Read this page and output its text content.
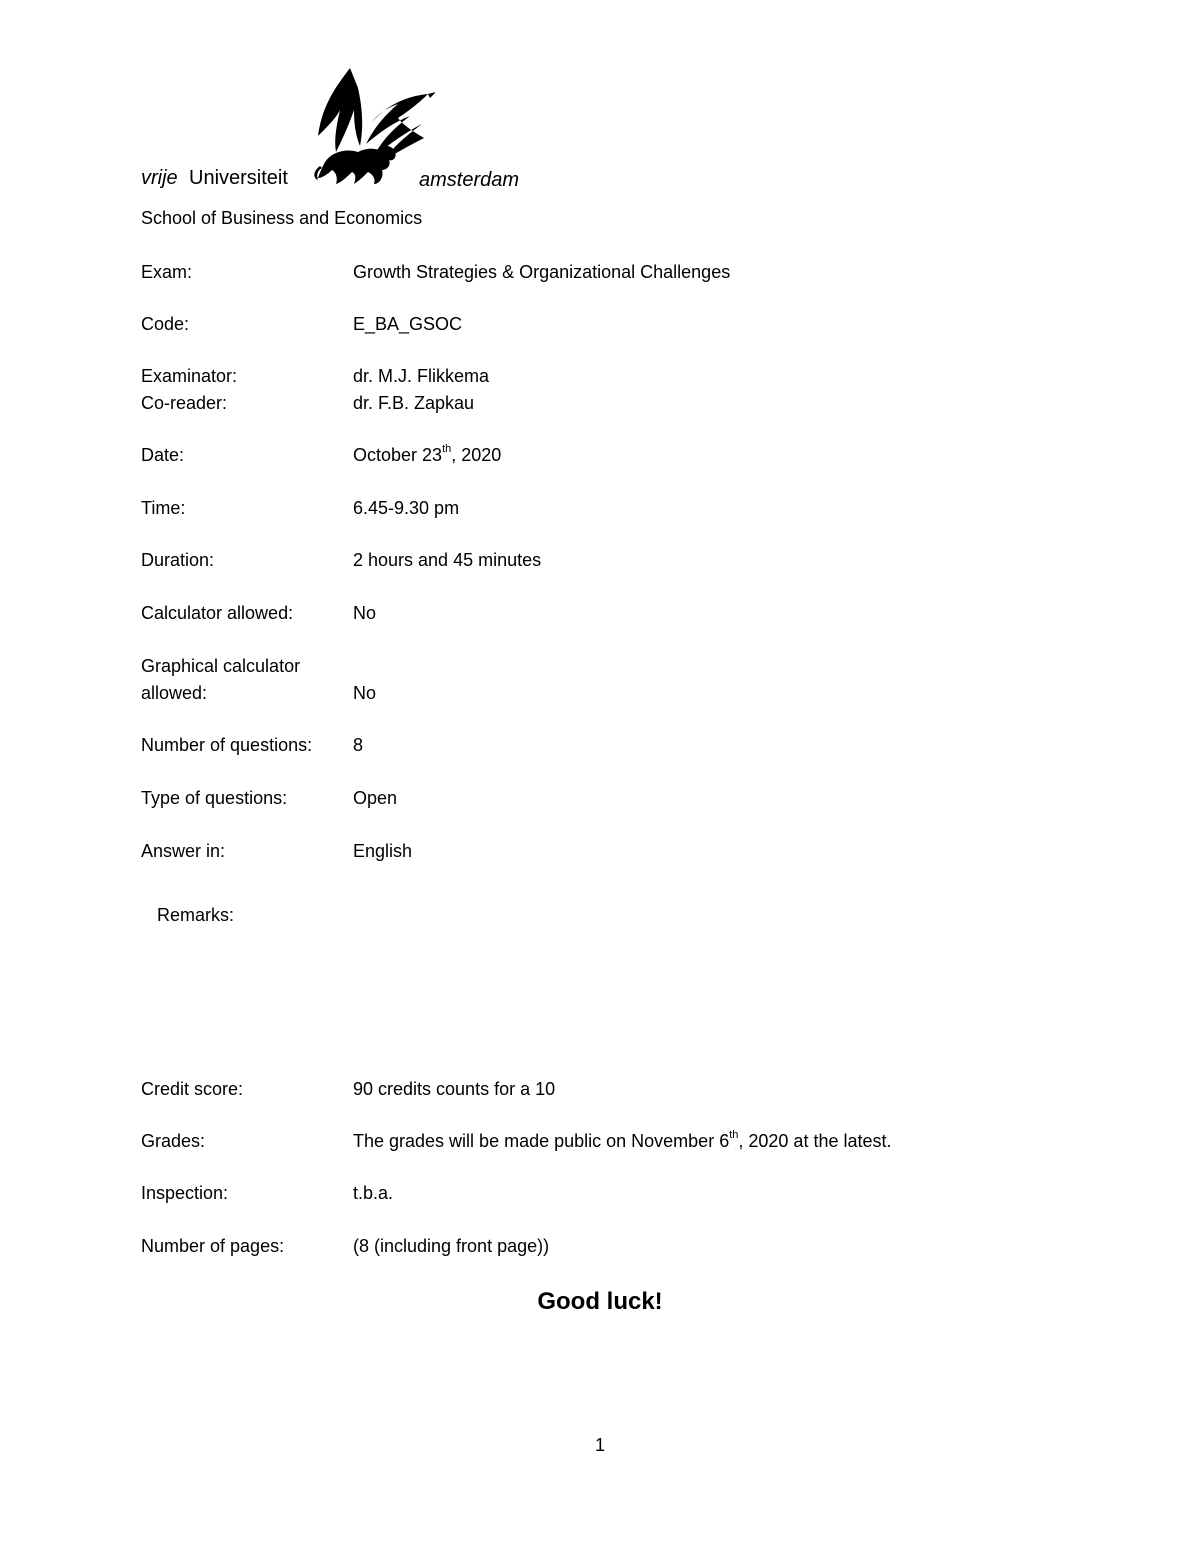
vrije Universiteit	amsterdam
School of Business and Economics
Exam:	Growth Strategies & Organizational Challenges
Code:	E_BA_GSOC
Examinator:	dr. M.J. Flikkema
Co-reader:	dr. F.B. Zapkau
Date:	October 23th, 2020
Time:	6.45-9.30 pm
Duration:	2 hours and 45 minutes
Calculator allowed:	No
Graphical calculator
allowed:	No
Number of questions: 8
Type of questions:	Open
Answer in:	English
Remarks:
Credit score:	90 credits counts for a 10
Grades:	The grades will be made public on November 6th, 2020 at the latest.
Inspection:	t.b.a.
Number of pages:	(8 (including front page))
Good luck!
1
